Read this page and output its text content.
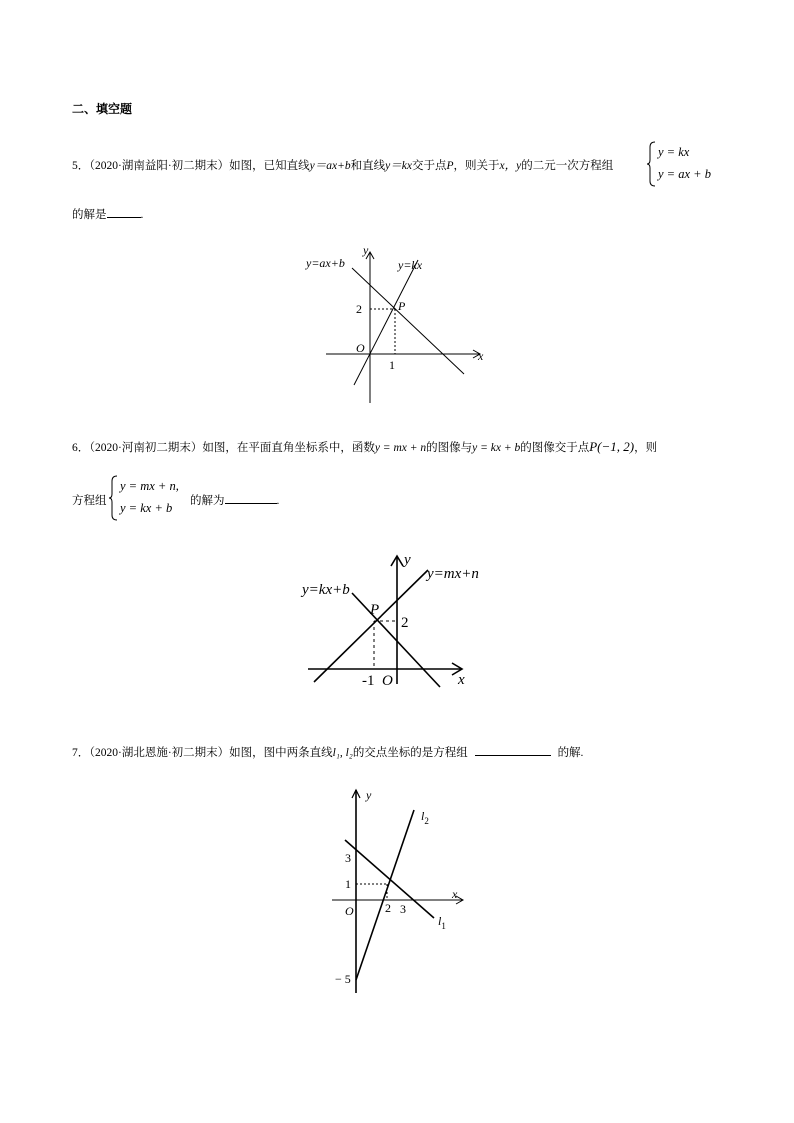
二、填空题
5．（2020·湖南益阳·初二期末）如图，已知直线y＝ax+b和直线y＝kx交于点P，则关于x，y的二元一次方程组
y = kx
y = ax + b
的解是	.
y=ax+b	y=kx
y
x
O
P
2
1
6．（2020·河南初二期末）如图，在平面直角坐标系中，函数y = mx + n的图像与y = kx + b的图像交于点P(−1, 2)，则
方程组
y = mx + n,
y = kx + b	的解为	.
y=kx+b
y=mx+n
y
x
P
O
2
-1
7．（2020·湖北恩施·初二期末）如图，图中两条直线l₁, l₂的交点坐标的是方程组	的解.
y
x
O
3
1
− 5
2 3
$l_2$
$l_1$
